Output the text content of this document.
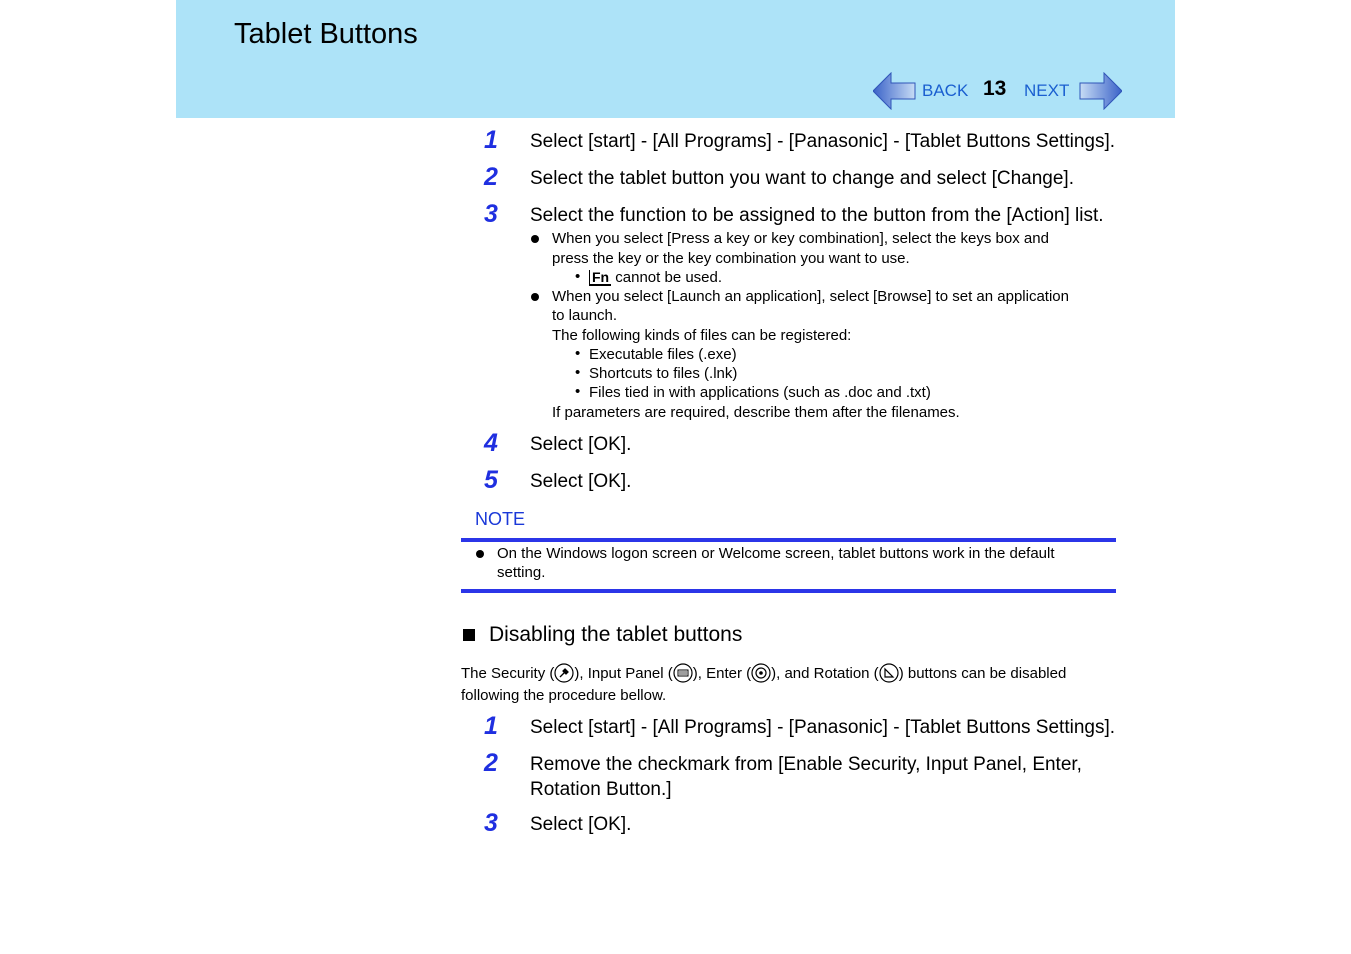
Tablet Buttons
BACK 13 NEXT
1 Select [start] - [All Programs] - [Panasonic] - [Tablet Buttons Settings].
2 Select the tablet button you want to change and select [Change].
3 Select the function to be assigned to the button from the [Action] list.
When you select [Press a key or key combination], select the keys box and
press the key or the key combination you want to use.
• Fn cannot be used.
When you select [Launch an application], select [Browse] to set an application
to launch.
The following kinds of files can be registered:
• Executable files (.exe)
• Shortcuts to files (.lnk)
• Files tied in with applications (such as .doc and .txt)
If parameters are required, describe them after the filenames.
4 Select [OK].
5 Select [OK].
NOTE
On the Windows logon screen or Welcome screen, tablet buttons work in the default
setting.
Disabling the tablet buttons
The Security ( ), Input Panel ( ), Enter ( ), and Rotation ( ) buttons can be disabled
following the procedure bellow.
1 Select [start] - [All Programs] - [Panasonic] - [Tablet Buttons Settings].
2 Remove the checkmark from [Enable Security, Input Panel, Enter, Rotation Button.]
3 Select [OK].
